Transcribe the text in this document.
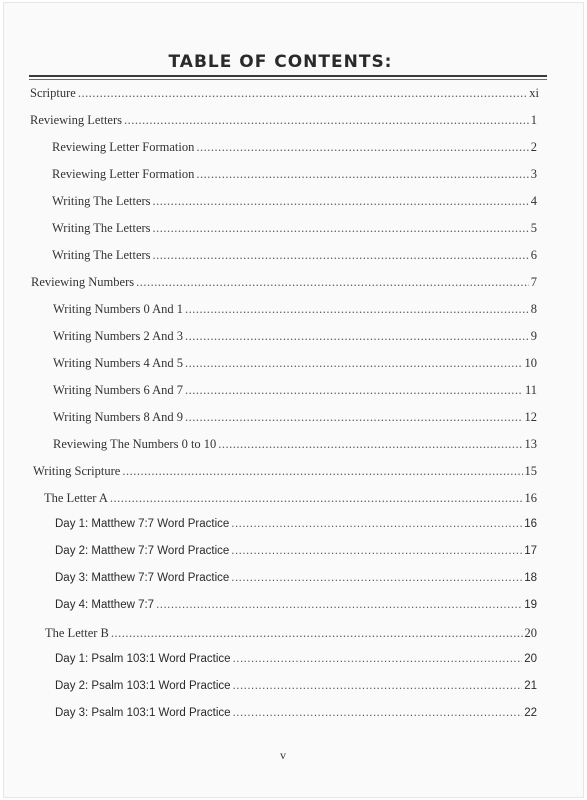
TABLE OF CONTENTS:
Scripture .....	xi
Reviewing Letters .....	1
Reviewing Letter Formation .....	2
Reviewing Letter Formation .....	3
Writing The Letters .....	4
Writing The Letters .....	5
Writing The Letters .....	6
Reviewing Numbers .....	7
Writing Numbers 0 And 1 .....	8
Writing Numbers 2 And 3 .....	9
Writing Numbers 4 And 5 .....	10
Writing Numbers 6 And 7 .....	11
Writing Numbers 8 And 9 .....	12
Reviewing The Numbers 0 to 10 .....	13
Writing Scripture .....	15
The Letter A .....	16
Day 1: Matthew 7:7 Word Practice .....	16
Day 2: Matthew 7:7 Word Practice .....	17
Day 3: Matthew 7:7 Word Practice .....	18
Day 4: Matthew 7:7 .....	19
The Letter B .....	20
Day 1: Psalm 103:1 Word Practice .....	20
Day 2: Psalm 103:1 Word Practice .....	21
Day 3: Psalm 103:1 Word Practice .....	22
v
